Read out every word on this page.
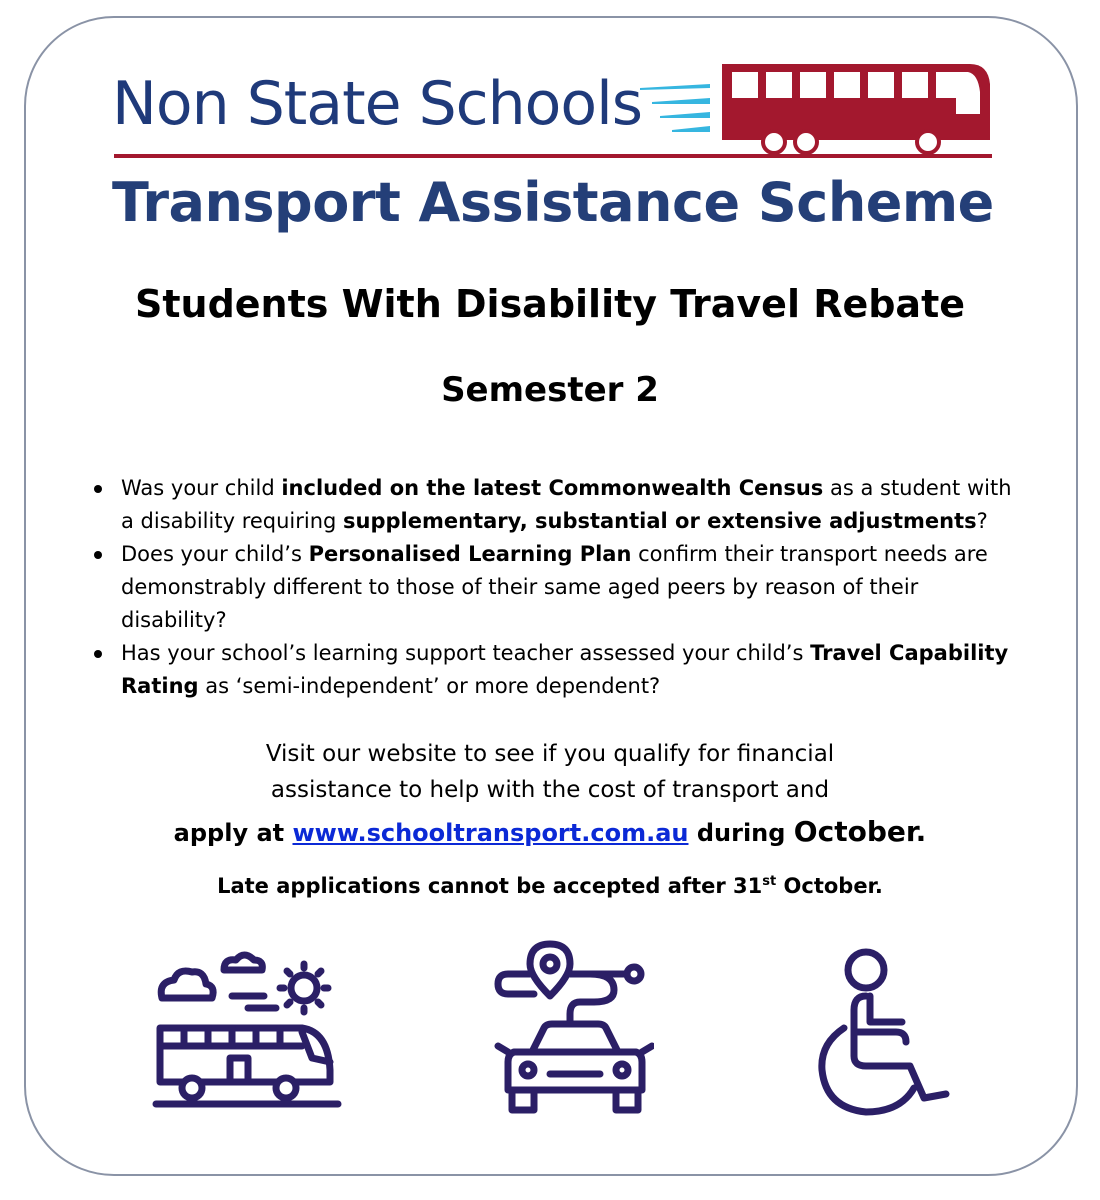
Non State Schools
Transport Assistance Scheme
Students With Disability Travel Rebate
Semester 2
Was your child included on the latest Commonwealth Census as a student with a disability requiring supplementary, substantial or extensive adjustments?
Does your child’s Personalised Learning Plan confirm their transport needs are demonstrably different to those of their same aged peers by reason of their disability?
Has your school’s learning support teacher assessed your child’s Travel Capability Rating as ‘semi-independent’ or more dependent?
Visit our website to see if you qualify for financial
assistance to help with the cost of transport and
apply at www.schooltransport.com.au during October.
Late applications cannot be accepted after 31st October.
